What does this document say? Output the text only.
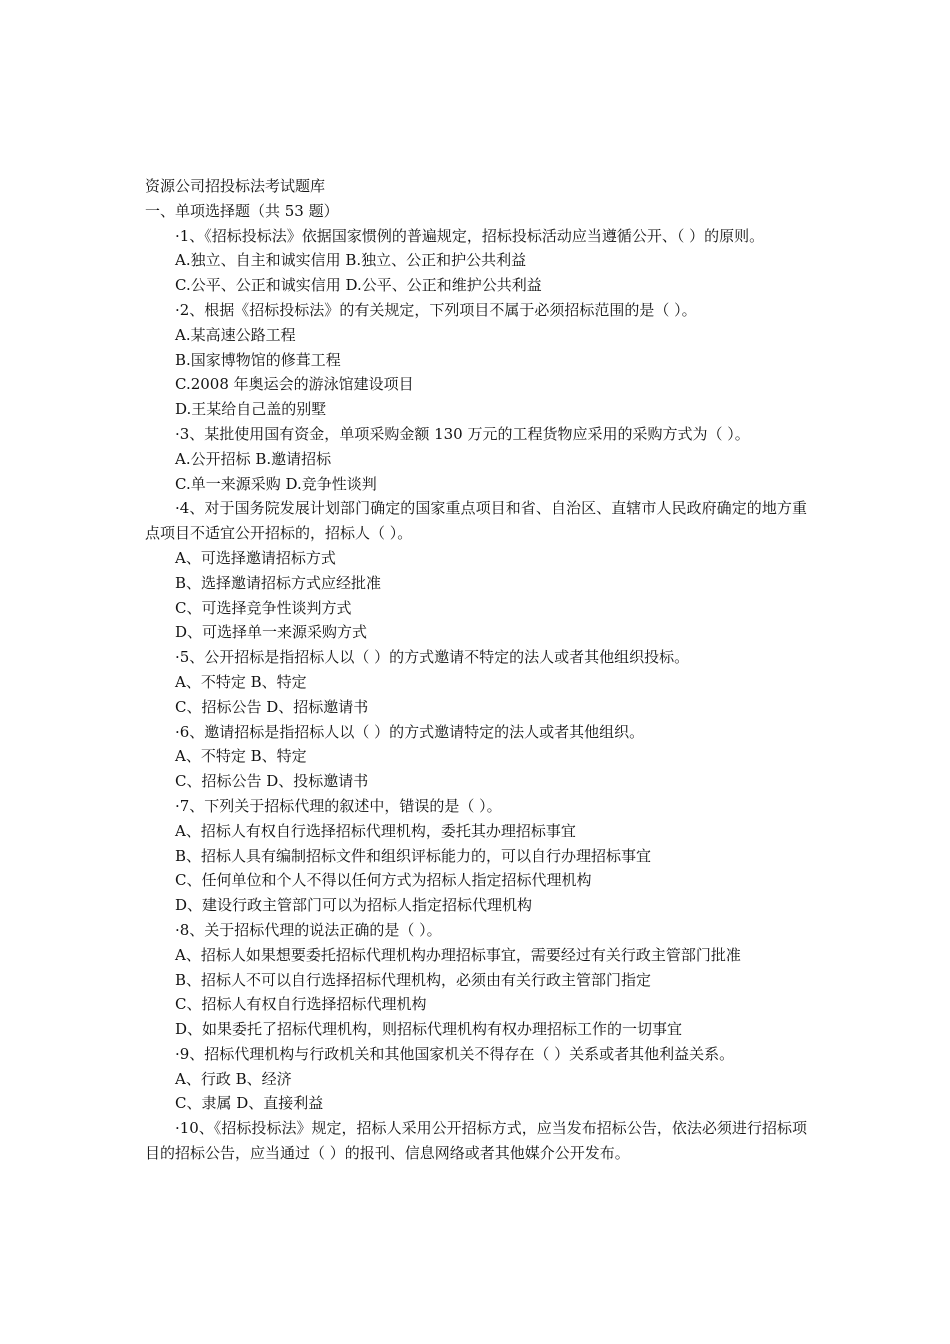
资源公司招投标法考试题库
一、单项选择题（共 53 题）
·1、《招标投标法》依据国家惯例的普遍规定，招标投标活动应当遵循公开、（ ）的原则。
A.独立、自主和诚实信用 B.独立、公正和护公共利益
C.公平、公正和诚实信用 D.公平、公正和维护公共利益
·2、根据《招标投标法》的有关规定，下列项目不属于必须招标范围的是（ ）。
A.某高速公路工程
B.国家博物馆的修葺工程
C.2008 年奥运会的游泳馆建设项目
D.王某给自己盖的别墅
·3、某批使用国有资金，单项采购金额 130 万元的工程货物应采用的采购方式为（ ）。
A.公开招标 B.邀请招标
C.单一来源采购 D.竞争性谈判
·4、对于国务院发展计划部门确定的国家重点项目和省、自治区、直辖市人民政府确定的地方重点项目不适宜公开招标的，招标人（ ）。
A、可选择邀请招标方式
B、选择邀请招标方式应经批准
C、可选择竞争性谈判方式
D、可选择单一来源采购方式
·5、公开招标是指招标人以（ ）的方式邀请不特定的法人或者其他组织投标。
A、不特定 B、特定
C、招标公告 D、招标邀请书
·6、邀请招标是指招标人以（ ）的方式邀请特定的法人或者其他组织。
A、不特定 B、特定
C、招标公告 D、投标邀请书
·7、下列关于招标代理的叙述中，错误的是（ ）。
A、招标人有权自行选择招标代理机构，委托其办理招标事宜
B、招标人具有编制招标文件和组织评标能力的，可以自行办理招标事宜
C、任何单位和个人不得以任何方式为招标人指定招标代理机构
D、建设行政主管部门可以为招标人指定招标代理机构
·8、关于招标代理的说法正确的是（ ）。
A、招标人如果想要委托招标代理机构办理招标事宜，需要经过有关行政主管部门批准
B、招标人不可以自行选择招标代理机构，必须由有关行政主管部门指定
C、招标人有权自行选择招标代理机构
D、如果委托了招标代理机构，则招标代理机构有权办理招标工作的一切事宜
·9、招标代理机构与行政机关和其他国家机关不得存在（ ）关系或者其他利益关系。
A、行政 B、经济
C、隶属 D、直接利益
·10、《招标投标法》规定，招标人采用公开招标方式，应当发布招标公告，依法必须进行招标项目的招标公告，应当通过（ ）的报刊、信息网络或者其他媒介公开发布。
